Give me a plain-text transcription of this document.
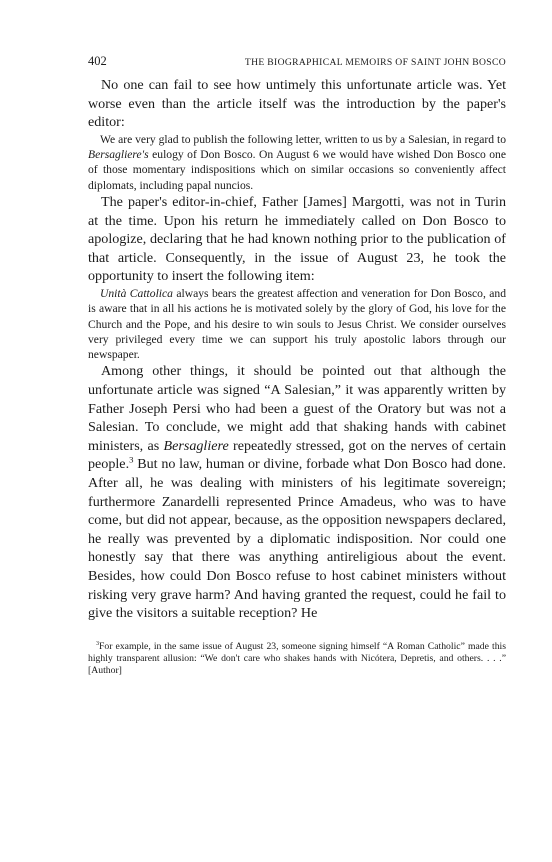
402	THE BIOGRAPHICAL MEMOIRS OF SAINT JOHN BOSCO

No one can fail to see how untimely this unfortunate article was. Yet worse even than the article itself was the introduction by the paper's editor:

We are very glad to publish the following letter, written to us by a Salesian, in regard to Bersagliere's eulogy of Don Bosco. On August 6 we would have wished Don Bosco one of those momentary indispositions which on similar occasions so conveniently affect diplomats, including papal nuncios.

The paper's editor-in-chief, Father [James] Margotti, was not in Turin at the time. Upon his return he immediately called on Don Bosco to apologize, declaring that he had known nothing prior to the publication of that article. Consequently, in the issue of August 23, he took the opportunity to insert the following item:

Unità Cattolica always bears the greatest affection and veneration for Don Bosco, and is aware that in all his actions he is motivated solely by the glory of God, his love for the Church and the Pope, and his desire to win souls to Jesus Christ. We consider ourselves very privileged every time we can support his truly apostolic labors through our newspaper.

Among other things, it should be pointed out that although the unfortunate article was signed “A Salesian,” it was apparently written by Father Joseph Persi who had been a guest of the Oratory but was not a Salesian. To conclude, we might add that shaking hands with cabinet ministers, as Bersagliere repeatedly stressed, got on the nerves of certain people.$^3$ But no law, human or divine, forbade what Don Bosco had done. After all, he was dealing with ministers of his legitimate sovereign; furthermore Zanardelli represented Prince Amadeus, who was to have come, but did not appear, because, as the opposition newspapers declared, he really was prevented by a diplomatic indisposition. Nor could one honestly say that there was anything antireligious about the event. Besides, how could Don Bosco refuse to host cabinet ministers without risking very grave harm? And having granted the request, could he fail to give the visitors a suitable reception? He

$^3$For example, in the same issue of August 23, someone signing himself “A Roman Catholic” made this highly transparent allusion: “We don't care who shakes hands with Nicótera, Depretis, and others. . . .” [Author]
